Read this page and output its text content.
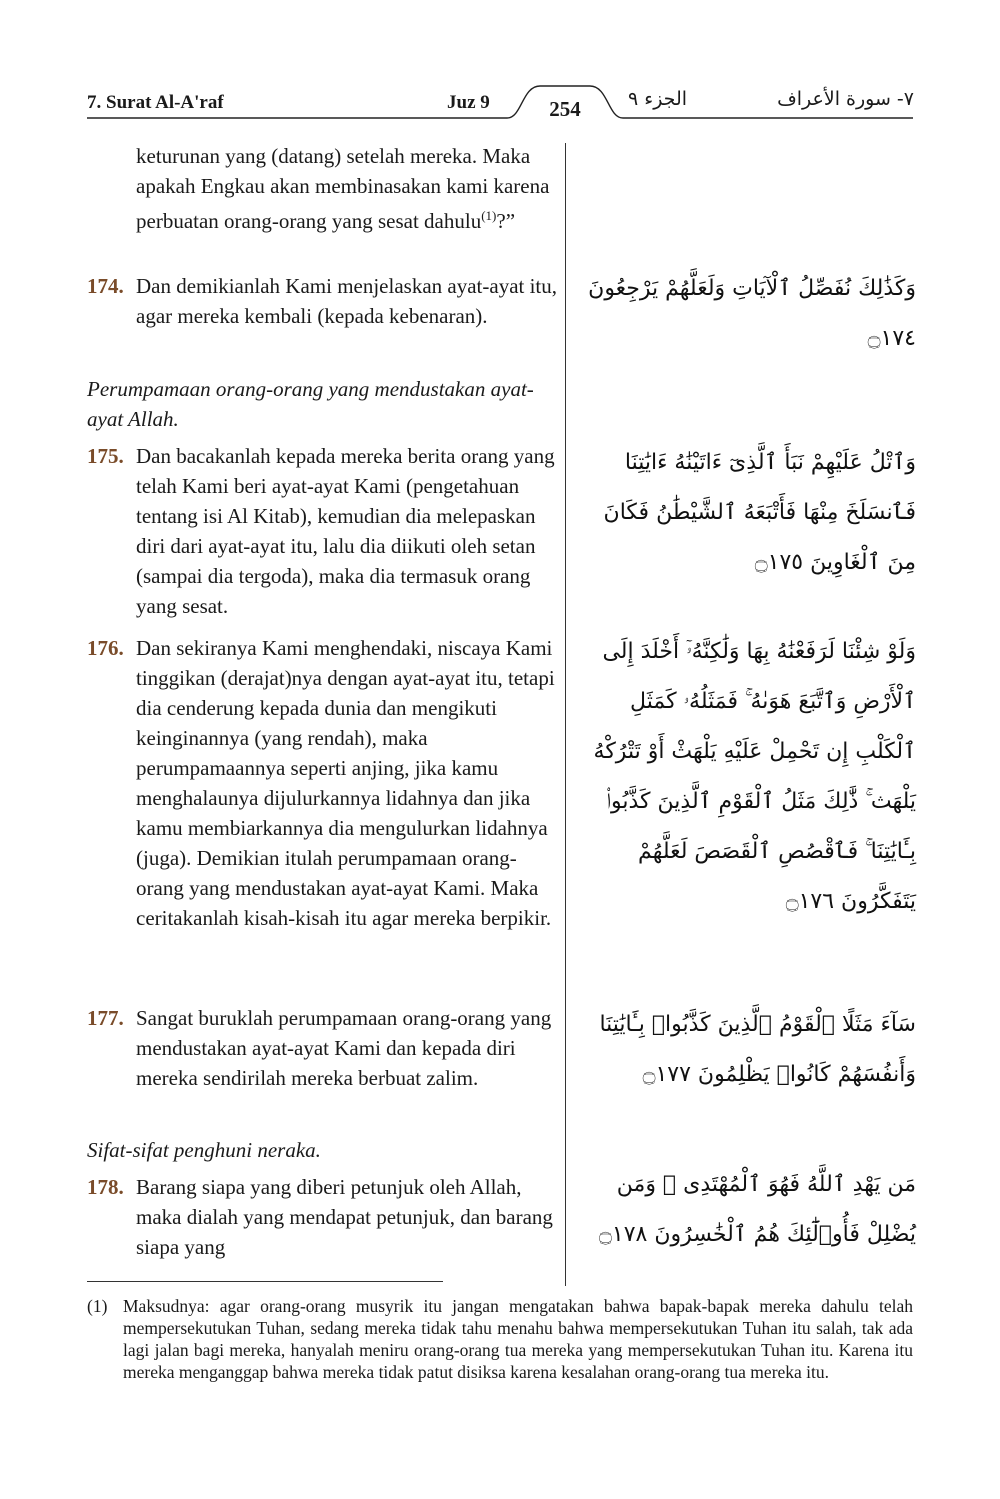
7. Surat Al-A'raf	Juz 9	254	الجزء ٩	٧- سورة الأعراف
keturunan yang (datang) setelah mereka. Maka apakah Engkau akan membinasakan kami karena perbuatan orang-orang yang sesat dahulu$^{(1)}$?”
174. Dan demikianlah Kami menjelaskan ayat-ayat itu, agar mereka kembali (kepada kebenaran).
وَكَذَٰلِكَ نُفَصِّلُ ٱلْآيَاتِ وَلَعَلَّهُمْ يَرْجِعُونَ ۝١٧٤
Perumpamaan orang-orang yang mendustakan ayat-ayat Allah.
175. Dan bacakanlah kepada mereka berita orang yang telah Kami beri ayat-ayat Kami (pengetahuan tentang isi Al Kitab), kemudian dia melepaskan diri dari ayat-ayat itu, lalu dia diikuti oleh setan (sampai dia tergoda), maka dia termasuk orang yang sesat.
وَٱتْلُ عَلَيْهِمْ نَبَأَ ٱلَّذِىٓ ءَاتَيْنَٰهُ ءَايَٰتِنَا فَٱنسَلَخَ مِنْهَا فَأَتْبَعَهُ ٱلشَّيْطَٰنُ فَكَانَ مِنَ ٱلْغَاوِينَ ۝١٧٥
176. Dan sekiranya Kami menghendaki, niscaya Kami tinggikan (derajat)nya dengan ayat-ayat itu, tetapi dia cenderung kepada dunia dan mengikuti keinginannya (yang rendah), maka perumpamaannya seperti anjing, jika kamu menghalaunya dijulurkannya lidahnya dan jika kamu membiarkannya dia mengulurkan lidahnya (juga). Demikian itulah perumpamaan orang-orang yang mendustakan ayat-ayat Kami. Maka ceritakanlah kisah-kisah itu agar mereka berpikir.
وَلَوْ شِئْنَا لَرَفَعْنَٰهُ بِهَا وَلَٰكِنَّهُۥٓ أَخْلَدَ إِلَى ٱلْأَرْضِ وَٱتَّبَعَ هَوَىٰهُ ۚ فَمَثَلُهُۥ كَمَثَلِ ٱلْكَلْبِ إِن تَحْمِلْ عَلَيْهِ يَلْهَثْ أَوْ تَتْرُكْهُ يَلْهَث ۚ ذَّٰلِكَ مَثَلُ ٱلْقَوْمِ ٱلَّذِينَ كَذَّبُوا۟ بِـَٔايَٰتِنَا ۚ فَٱقْصُصِ ٱلْقَصَصَ لَعَلَّهُمْ يَتَفَكَّرُونَ ۝١٧٦
177. Sangat buruklah perumpamaan orang-orang yang mendustakan ayat-ayat Kami dan kepada diri mereka sendirilah mereka berbuat zalim.
سَآءَ مَثَلًا ٱلْقَوْمُ ٱلَّذِينَ كَذَّبُوا۟ بِـَٔايَٰتِنَا وَأَنفُسَهُمْ كَانُوا۟ يَظْلِمُونَ ۝١٧٧
Sifat-sifat penghuni neraka.
178. Barang siapa yang diberi petunjuk oleh Allah, maka dialah yang mendapat petunjuk, dan barang siapa yang
مَن يَهْدِ ٱللَّهُ فَهُوَ ٱلْمُهْتَدِى ۖ وَمَن يُضْلِلْ فَأُو۟لَٰٓئِكَ هُمُ ٱلْخَٰسِرُونَ ۝١٧٨
(1) Maksudnya: agar orang-orang musyrik itu jangan mengatakan bahwa bapak-bapak mereka dahulu telah mempersekutukan Tuhan, sedang mereka tidak tahu menahu bahwa mempersekutukan Tuhan itu salah, tak ada lagi jalan bagi mereka, hanyalah meniru orang-orang tua mereka yang mempersekutukan Tuhan itu. Karena itu mereka menganggap bahwa mereka tidak patut disiksa karena kesalahan orang-orang tua mereka itu.
